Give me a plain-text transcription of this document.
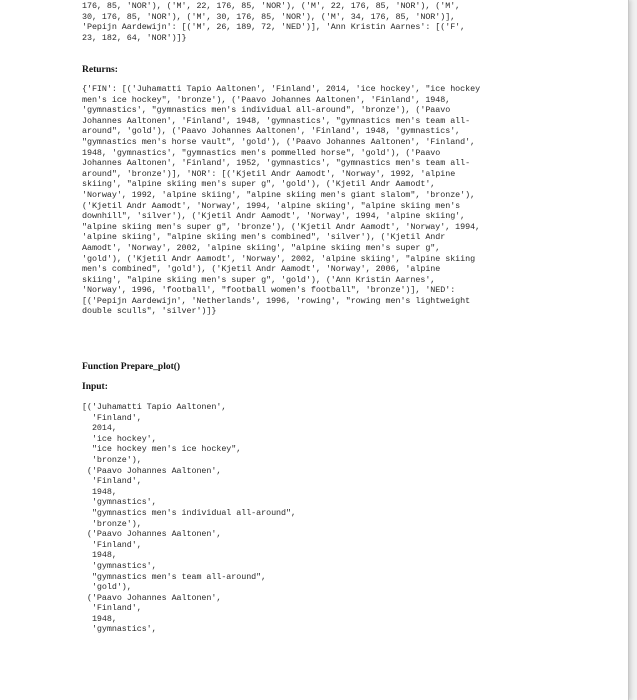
176, 85, 'NOR'), ('M', 22, 176, 85, 'NOR'), ('M', 22, 176, 85, 'NOR'), ('M',
30, 176, 85, 'NOR'), ('M', 30, 176, 85, 'NOR'), ('M', 34, 176, 85, 'NOR')],
'Pepijn Aardewijn': [('M', 26, 189, 72, 'NED')], 'Ann Kristin Aarnes': [('F',
23, 182, 64, 'NOR')]}

Returns:

{'FIN': [('Juhamatti Tapio Aaltonen', 'Finland', 2014, 'ice hockey', "ice hockey
men's ice hockey", 'bronze'), ('Paavo Johannes Aaltonen', 'Finland', 1948,
'gymnastics', "gymnastics men's individual all-around", 'bronze'), ('Paavo
Johannes Aaltonen', 'Finland', 1948, 'gymnastics', "gymnastics men's team all-
around", 'gold'), ('Paavo Johannes Aaltonen', 'Finland', 1948, 'gymnastics',
"gymnastics men's horse vault", 'gold'), ('Paavo Johannes Aaltonen', 'Finland',
1948, 'gymnastics', "gymnastics men's pommelled horse", 'gold'), ('Paavo
Johannes Aaltonen', 'Finland', 1952, 'gymnastics', "gymnastics men's team all-
around", 'bronze')], 'NOR': [('Kjetil Andr Aamodt', 'Norway', 1992, 'alpine
skiing', "alpine skiing men's super g", 'gold'), ('Kjetil Andr Aamodt',
'Norway', 1992, 'alpine skiing', "alpine skiing men's giant slalom", 'bronze'),
('Kjetil Andr Aamodt', 'Norway', 1994, 'alpine skiing', "alpine skiing men's
downhill", 'silver'), ('Kjetil Andr Aamodt', 'Norway', 1994, 'alpine skiing',
"alpine skiing men's super g", 'bronze'), ('Kjetil Andr Aamodt', 'Norway', 1994,
'alpine skiing', "alpine skiing men's combined", 'silver'), ('Kjetil Andr
Aamodt', 'Norway', 2002, 'alpine skiing', "alpine skiing men's super g",
'gold'), ('Kjetil Andr Aamodt', 'Norway', 2002, 'alpine skiing', "alpine skiing
men's combined", 'gold'), ('Kjetil Andr Aamodt', 'Norway', 2006, 'alpine
skiing', "alpine skiing men's super g", 'gold'), ('Ann Kristin Aarnes',
'Norway', 1996, 'football', "football women's football", 'bronze')], 'NED':
[('Pepijn Aardewijn', 'Netherlands', 1996, 'rowing', "rowing men's lightweight
double sculls", 'silver')]}

Function Prepare_plot()

Input:

[('Juhamatti Tapio Aaltonen',
'Finland',
2014,
'ice hockey',
"ice hockey men's ice hockey",
'bronze'),
('Paavo Johannes Aaltonen',
'Finland',
1948,
'gymnastics',
"gymnastics men's individual all-around",
'bronze'),
('Paavo Johannes Aaltonen',
'Finland',
1948,
'gymnastics',
"gymnastics men's team all-around",
'gold'),
('Paavo Johannes Aaltonen',
'Finland',
1948,
'gymnastics',
